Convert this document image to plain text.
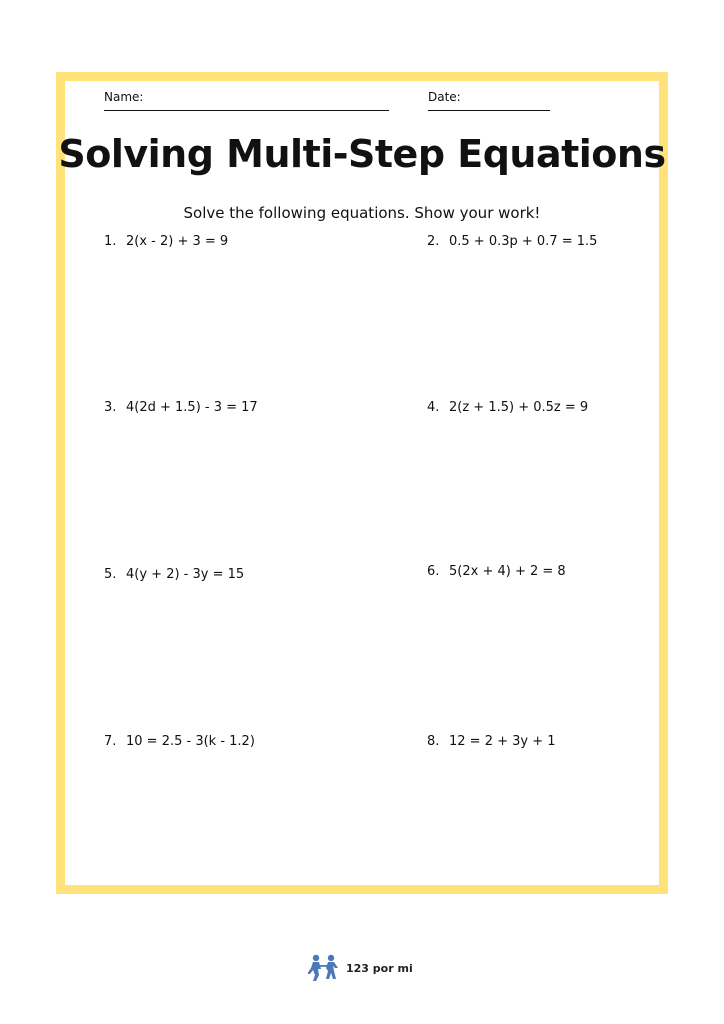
Name:	Date:
Solving Multi-Step Equations
Solve the following equations. Show your work!
1. 2(x - 2) + 3 = 9	2. 0.5 + 0.3p + 0.7 = 1.5
3. 4(2d + 1.5) - 3 = 17	4. 2(z + 1.5) + 0.5z = 9
5. 4(y + 2) - 3y = 15	6. 5(2x + 4) + 2 = 8
7. 10 = 2.5 - 3(k - 1.2)	8. 12 = 2 + 3y + 1
123 por mi
